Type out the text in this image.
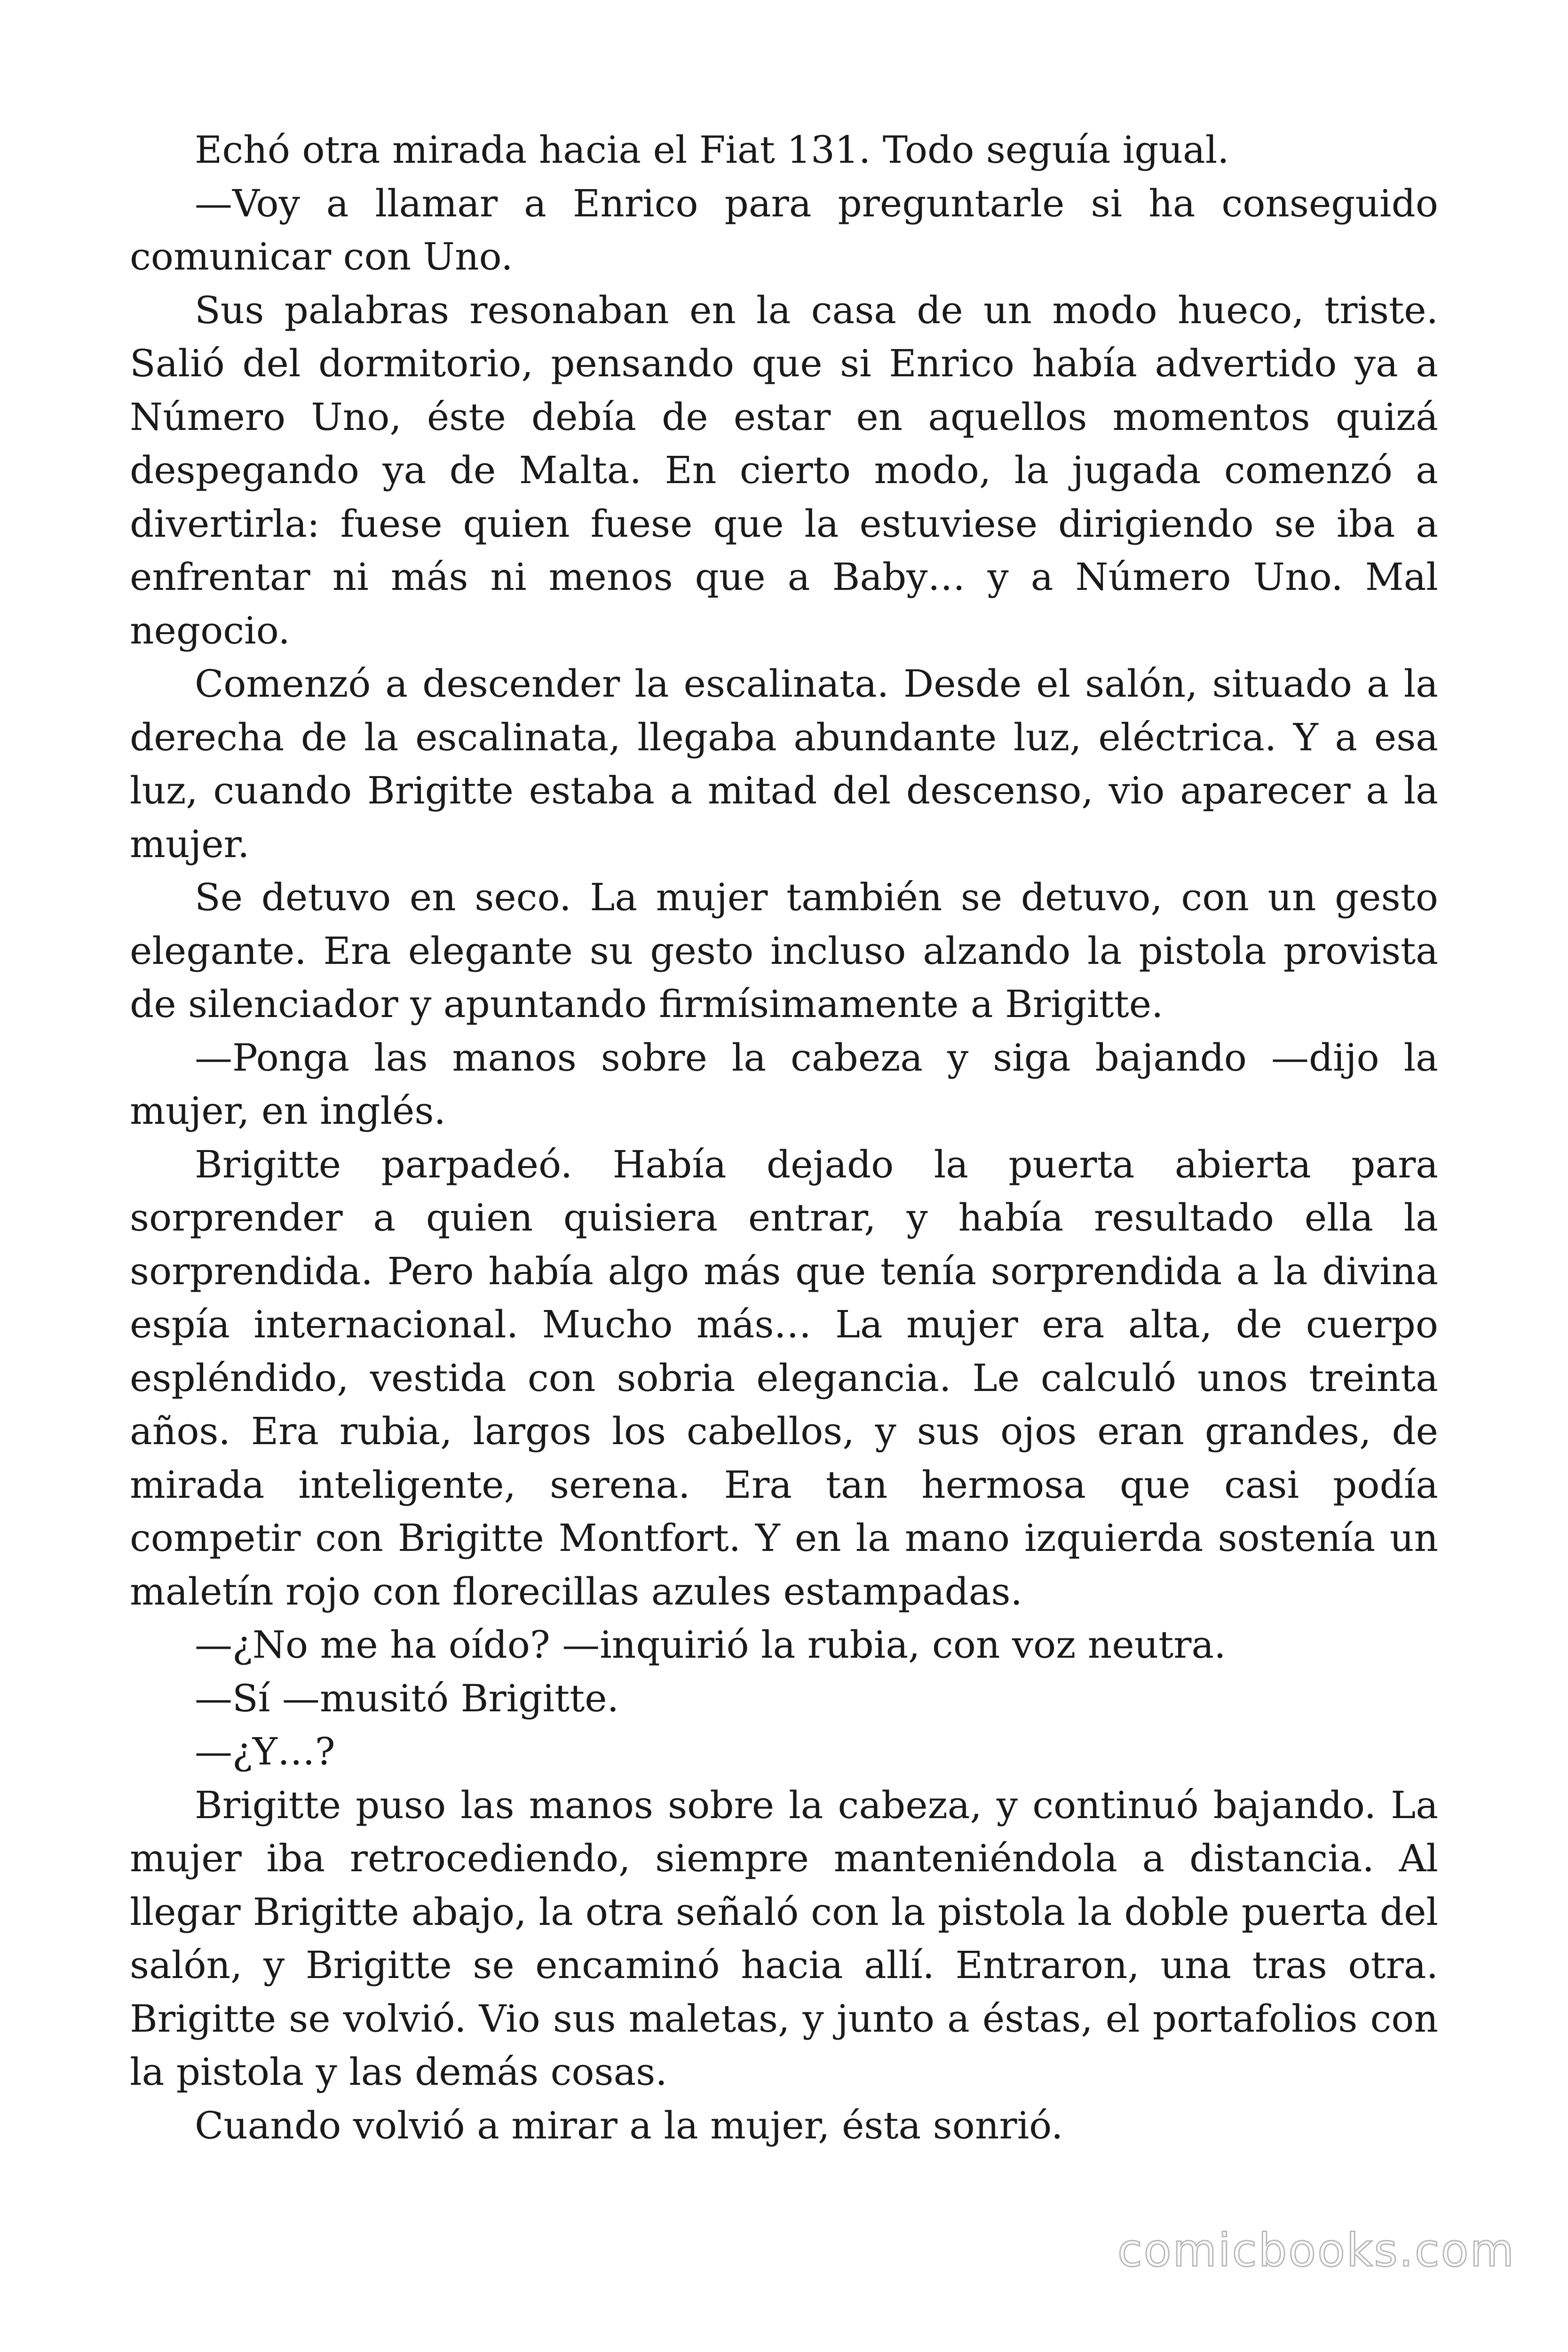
Echó otra mirada hacia el Fiat 131. Todo seguía igual.

—Voy a llamar a Enrico para preguntarle si ha conseguido comunicar con Uno.

Sus palabras resonaban en la casa de un modo hueco, triste. Salió del dormitorio, pensando que si Enrico había advertido ya a Número Uno, éste debía de estar en aquellos momentos quizá despegando ya de Malta. En cierto modo, la jugada comenzó a divertirla: fuese quien fuese que la estuviese dirigiendo se iba a enfrentar ni más ni menos que a Baby… y a Número Uno. Mal negocio.

Comenzó a descender la escalinata. Desde el salón, situado a la derecha de la escalinata, llegaba abundante luz, eléctrica. Y a esa luz, cuando Brigitte estaba a mitad del descenso, vio aparecer a la mujer.

Se detuvo en seco. La mujer también se detuvo, con un gesto elegante. Era elegante su gesto incluso alzando la pistola provista de silenciador y apuntando firmísimamente a Brigitte.

—Ponga las manos sobre la cabeza y siga bajando —dijo la mujer, en inglés.

Brigitte parpadeó. Había dejado la puerta abierta para sorprender a quien quisiera entrar, y había resultado ella la sorprendida. Pero había algo más que tenía sorprendida a la divina espía internacional. Mucho más… La mujer era alta, de cuerpo espléndido, vestida con sobria elegancia. Le calculó unos treinta años. Era rubia, largos los cabellos, y sus ojos eran grandes, de mirada inteligente, serena. Era tan hermosa que casi podía competir con Brigitte Montfort. Y en la mano izquierda sostenía un maletín rojo con florecillas azules estampadas.

—¿No me ha oído? —inquirió la rubia, con voz neutra.

—Sí —musitó Brigitte.

—¿Y…?

Brigitte puso las manos sobre la cabeza, y continuó bajando. La mujer iba retrocediendo, siempre manteniéndola a distancia. Al llegar Brigitte abajo, la otra señaló con la pistola la doble puerta del salón, y Brigitte se encaminó hacia allí. Entraron, una tras otra. Brigitte se volvió. Vio sus maletas, y junto a éstas, el portafolios con la pistola y las demás cosas.

Cuando volvió a mirar a la mujer, ésta sonrió.

comicbooks.com
